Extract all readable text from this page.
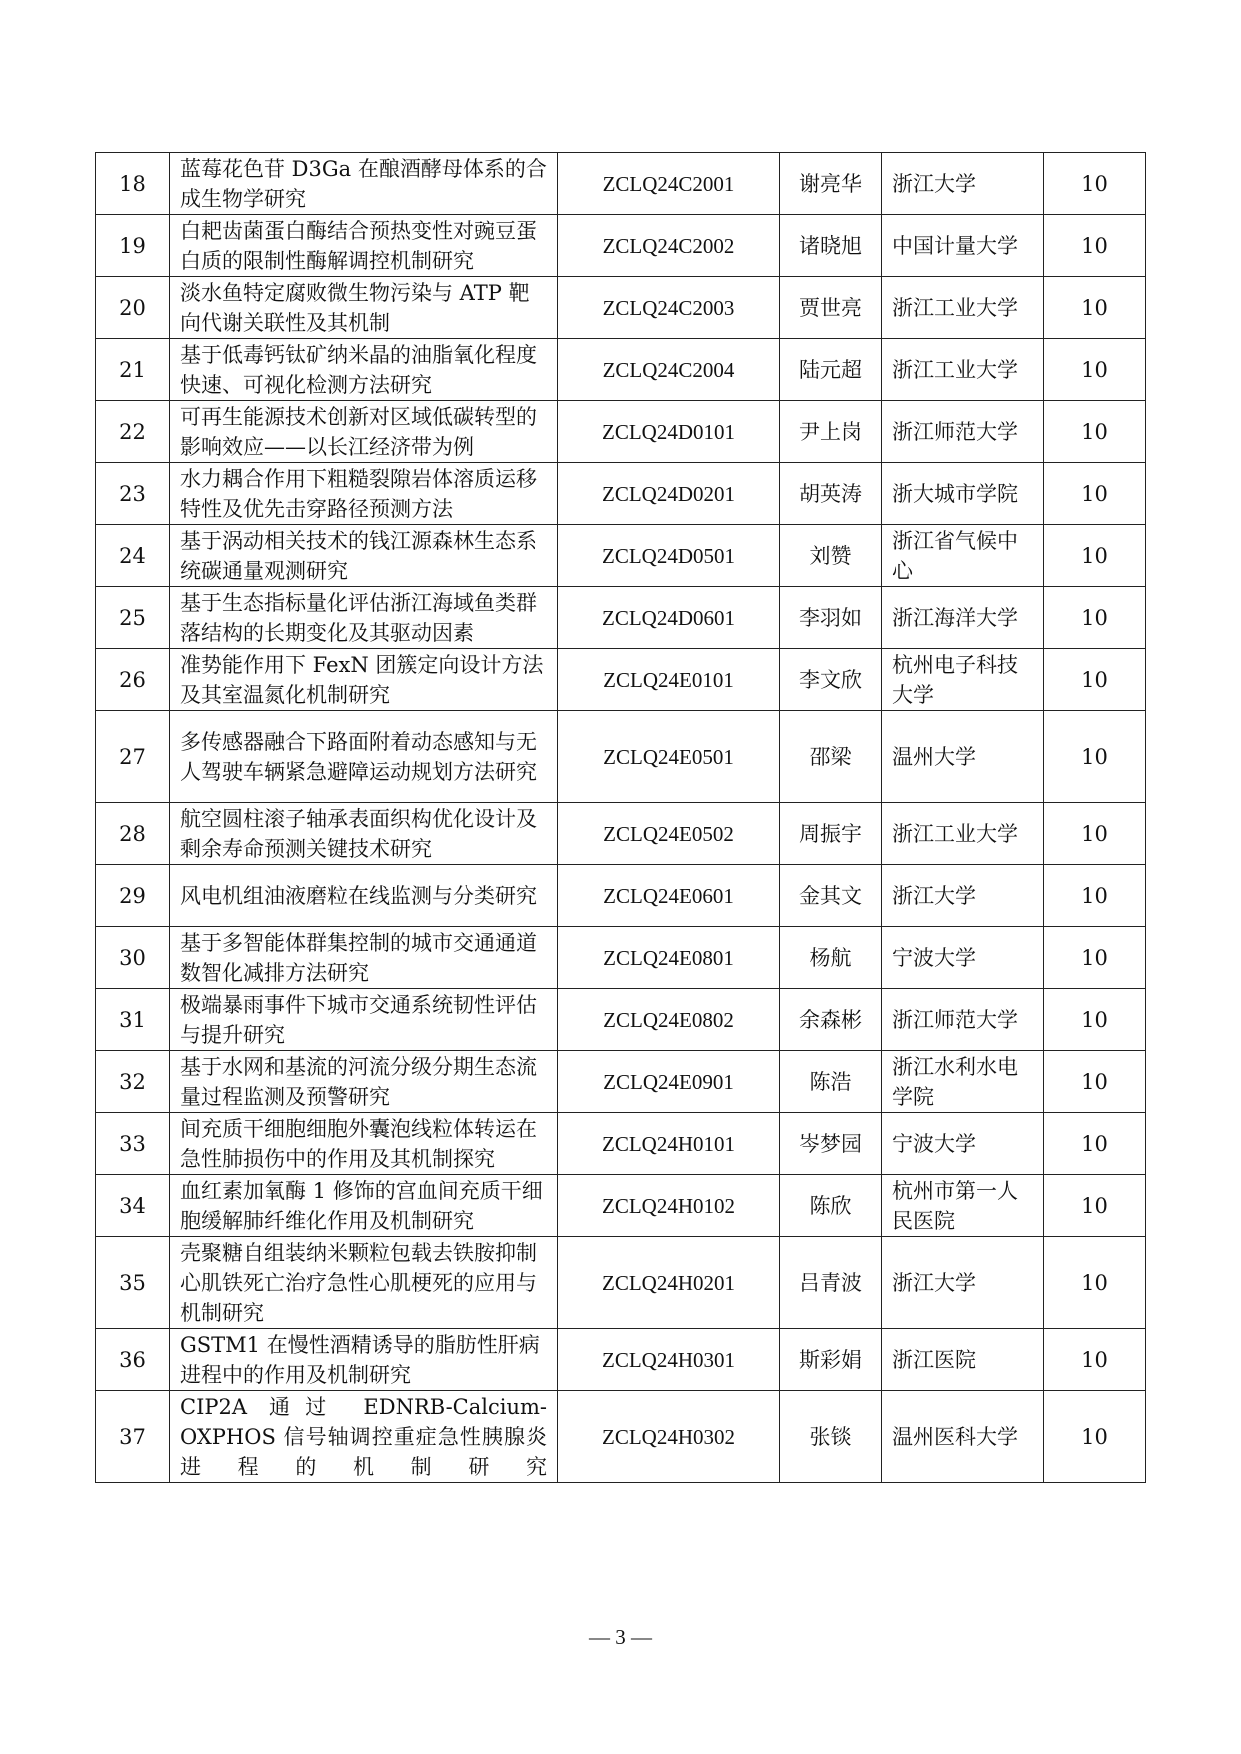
18	蓝莓花色苷 D3Ga 在酿酒酵母体系的合成生物学研究	ZCLQ24C2001	谢亮华	浙江大学	10
19	白耙齿菌蛋白酶结合预热变性对豌豆蛋白质的限制性酶解调控机制研究	ZCLQ24C2002	诸晓旭	中国计量大学	10
20	淡水鱼特定腐败微生物污染与 ATP 靶向代谢关联性及其机制	ZCLQ24C2003	贾世亮	浙江工业大学	10
21	基于低毒钙钛矿纳米晶的油脂氧化程度快速、可视化检测方法研究	ZCLQ24C2004	陆元超	浙江工业大学	10
22	可再生能源技术创新对区域低碳转型的影响效应——以长江经济带为例	ZCLQ24D0101	尹上岗	浙江师范大学	10
23	水力耦合作用下粗糙裂隙岩体溶质运移特性及优先击穿路径预测方法	ZCLQ24D0201	胡英涛	浙大城市学院	10
24	基于涡动相关技术的钱江源森林生态系统碳通量观测研究	ZCLQ24D0501	刘赞	浙江省气候中心	10
25	基于生态指标量化评估浙江海域鱼类群落结构的长期变化及其驱动因素	ZCLQ24D0601	李羽如	浙江海洋大学	10
26	准势能作用下 FexN 团簇定向设计方法及其室温氮化机制研究	ZCLQ24E0101	李文欣	杭州电子科技大学	10
27	多传感器融合下路面附着动态感知与无人驾驶车辆紧急避障运动规划方法研究	ZCLQ24E0501	邵梁	温州大学	10
28	航空圆柱滚子轴承表面织构优化设计及剩余寿命预测关键技术研究	ZCLQ24E0502	周振宇	浙江工业大学	10
29	风电机组油液磨粒在线监测与分类研究	ZCLQ24E0601	金其文	浙江大学	10
30	基于多智能体群集控制的城市交通通道数智化减排方法研究	ZCLQ24E0801	杨航	宁波大学	10
31	极端暴雨事件下城市交通系统韧性评估与提升研究	ZCLQ24E0802	余森彬	浙江师范大学	10
32	基于水网和基流的河流分级分期生态流量过程监测及预警研究	ZCLQ24E0901	陈浩	浙江水利水电学院	10
33	间充质干细胞细胞外囊泡线粒体转运在急性肺损伤中的作用及其机制探究	ZCLQ24H0101	岑梦园	宁波大学	10
34	血红素加氧酶 1 修饰的宫血间充质干细胞缓解肺纤维化作用及机制研究	ZCLQ24H0102	陈欣	杭州市第一人民医院	10
35	壳聚糖自组装纳米颗粒包载去铁胺抑制心肌铁死亡治疗急性心肌梗死的应用与机制研究	ZCLQ24H0201	吕青波	浙江大学	10
36	GSTM1 在慢性酒精诱导的脂肪性肝病进程中的作用及机制研究	ZCLQ24H0301	斯彩娟	浙江医院	10
37	CIP2A 通过 EDNRB-Calcium-OXPHOS 信号轴调控重症急性胰腺炎进程的机制研究	ZCLQ24H0302	张锬	温州医科大学	10
— 3 —
